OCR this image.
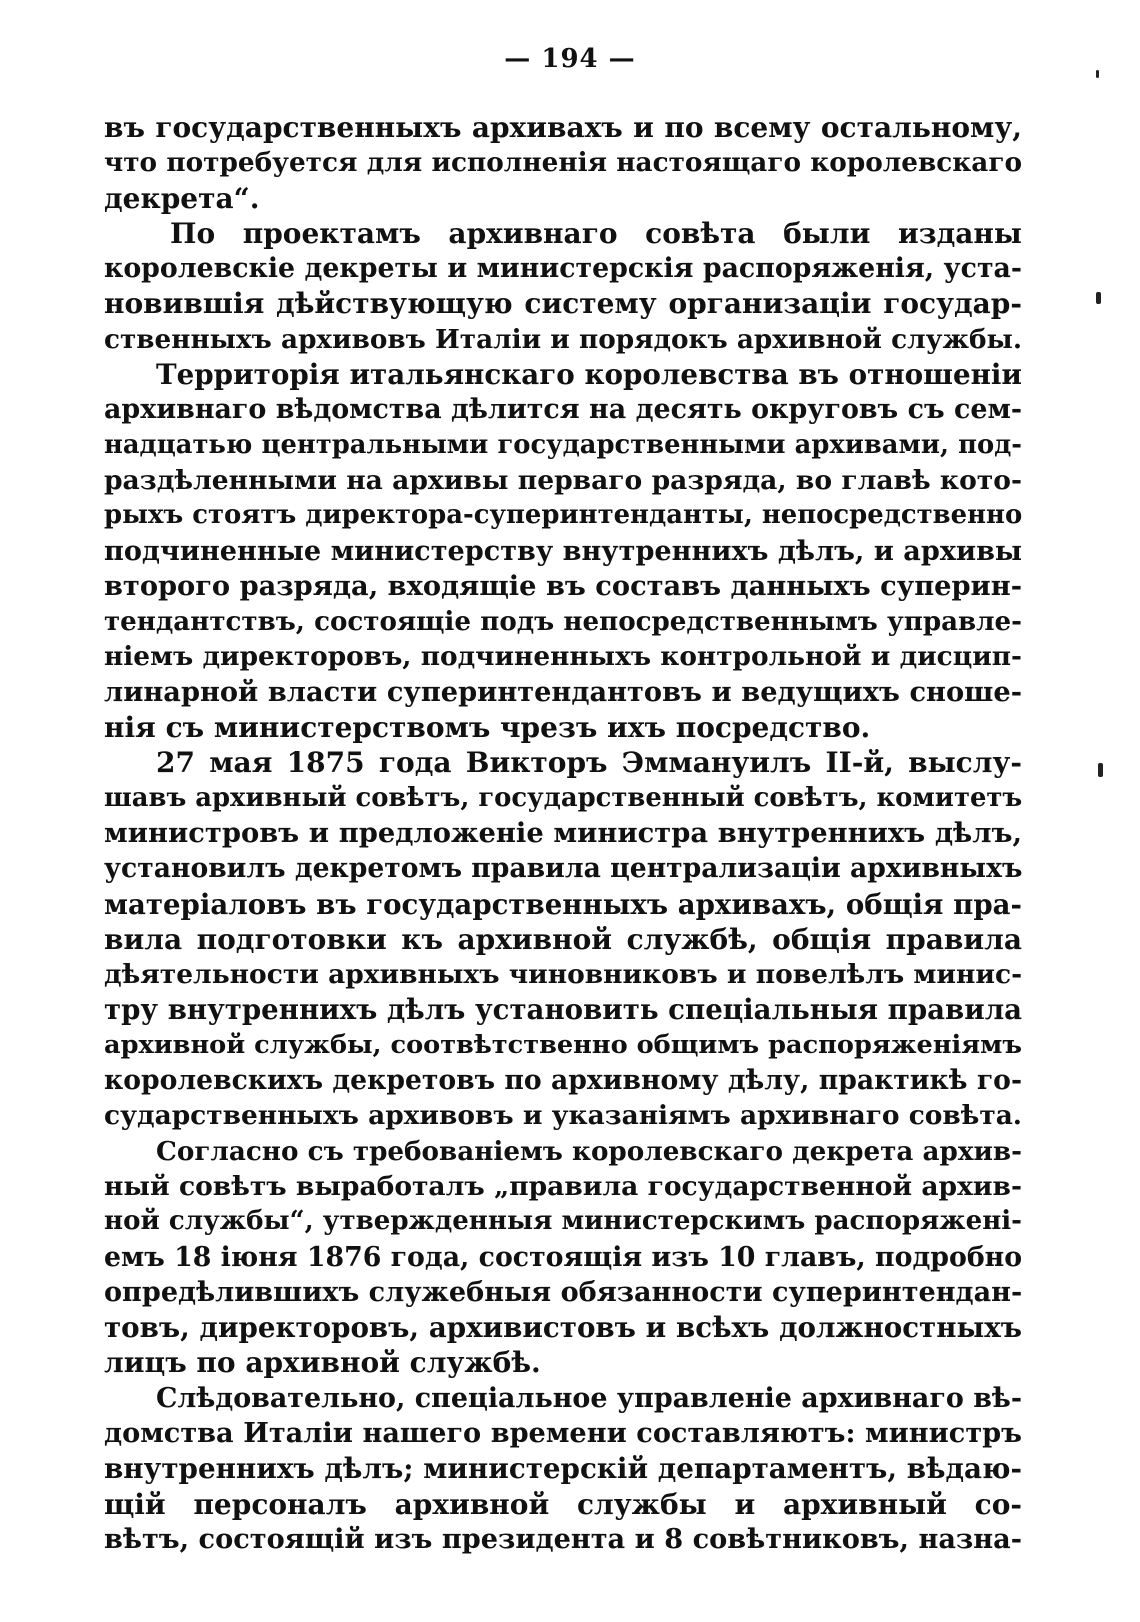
— 194 —
въ государственныхъ архивахъ и по всему остальному,
что потребуется для исполненія настоящаго королевскаго
декрета“.
По проектамъ архивнаго совѣта были изданы
королевскіе декреты и министерскія распоряженія, уста-
новившія дѣйствующую систему организаціи государ-
ственныхъ архивовъ Италіи и порядокъ архивной службы.
Территорія итальянскаго королевства въ отношеніи
архивнаго вѣдомства дѣлится на десять округовъ съ сем-
надцатью центральными государственными архивами, под-
раздѣленными на архивы перваго разряда, во главѣ кото-
рыхъ стоятъ директора-суперинтенданты, непосредственно
подчиненные министерству внутреннихъ дѣлъ, и архивы
второго разряда, входящіе въ составъ данныхъ суперин-
тендантствъ, состоящіе подъ непосредственнымъ управле-
ніемъ директоровъ, подчиненныхъ контрольной и дисцип-
линарной власти суперинтендантовъ и ведущихъ сноше-
нія съ министерствомъ чрезъ ихъ посредство.
27 мая 1875 года Викторъ Эммануилъ II-й, выслу-
шавъ архивный совѣтъ, государственный совѣтъ, комитетъ
министровъ и предложеніе министра внутреннихъ дѣлъ,
установилъ декретомъ правила централизаціи архивныхъ
матеріаловъ въ государственныхъ архивахъ, общія пра-
вила подготовки къ архивной службѣ, общія правила
дѣятельности архивныхъ чиновниковъ и повелѣлъ минис-
тру внутреннихъ дѣлъ установить спеціальныя правила
архивной службы, соотвѣтственно общимъ распоряженіямъ
королевскихъ декретовъ по архивному дѣлу, практикѣ го-
сударственныхъ архивовъ и указаніямъ архивнаго совѣта.
Согласно съ требованіемъ королевскаго декрета архив-
ный совѣтъ выработалъ „правила государственной архив-
ной службы“, утвержденныя министерскимъ распоряжені-
емъ 18 іюня 1876 года, состоящія изъ 10 главъ, подробно
опредѣлившихъ служебныя обязанности суперинтендан-
товъ, директоровъ, архивистовъ и всѣхъ должностныхъ
лицъ по архивной службѣ.
Слѣдовательно, спеціальное управленіе архивнаго вѣ-
домства Италіи нашего времени составляютъ: министръ
внутреннихъ дѣлъ; министерскій департаментъ, вѣдаю-
щій персоналъ архивной службы и архивный со-
вѣтъ, состоящій изъ президента и 8 совѣтниковъ, назна-
